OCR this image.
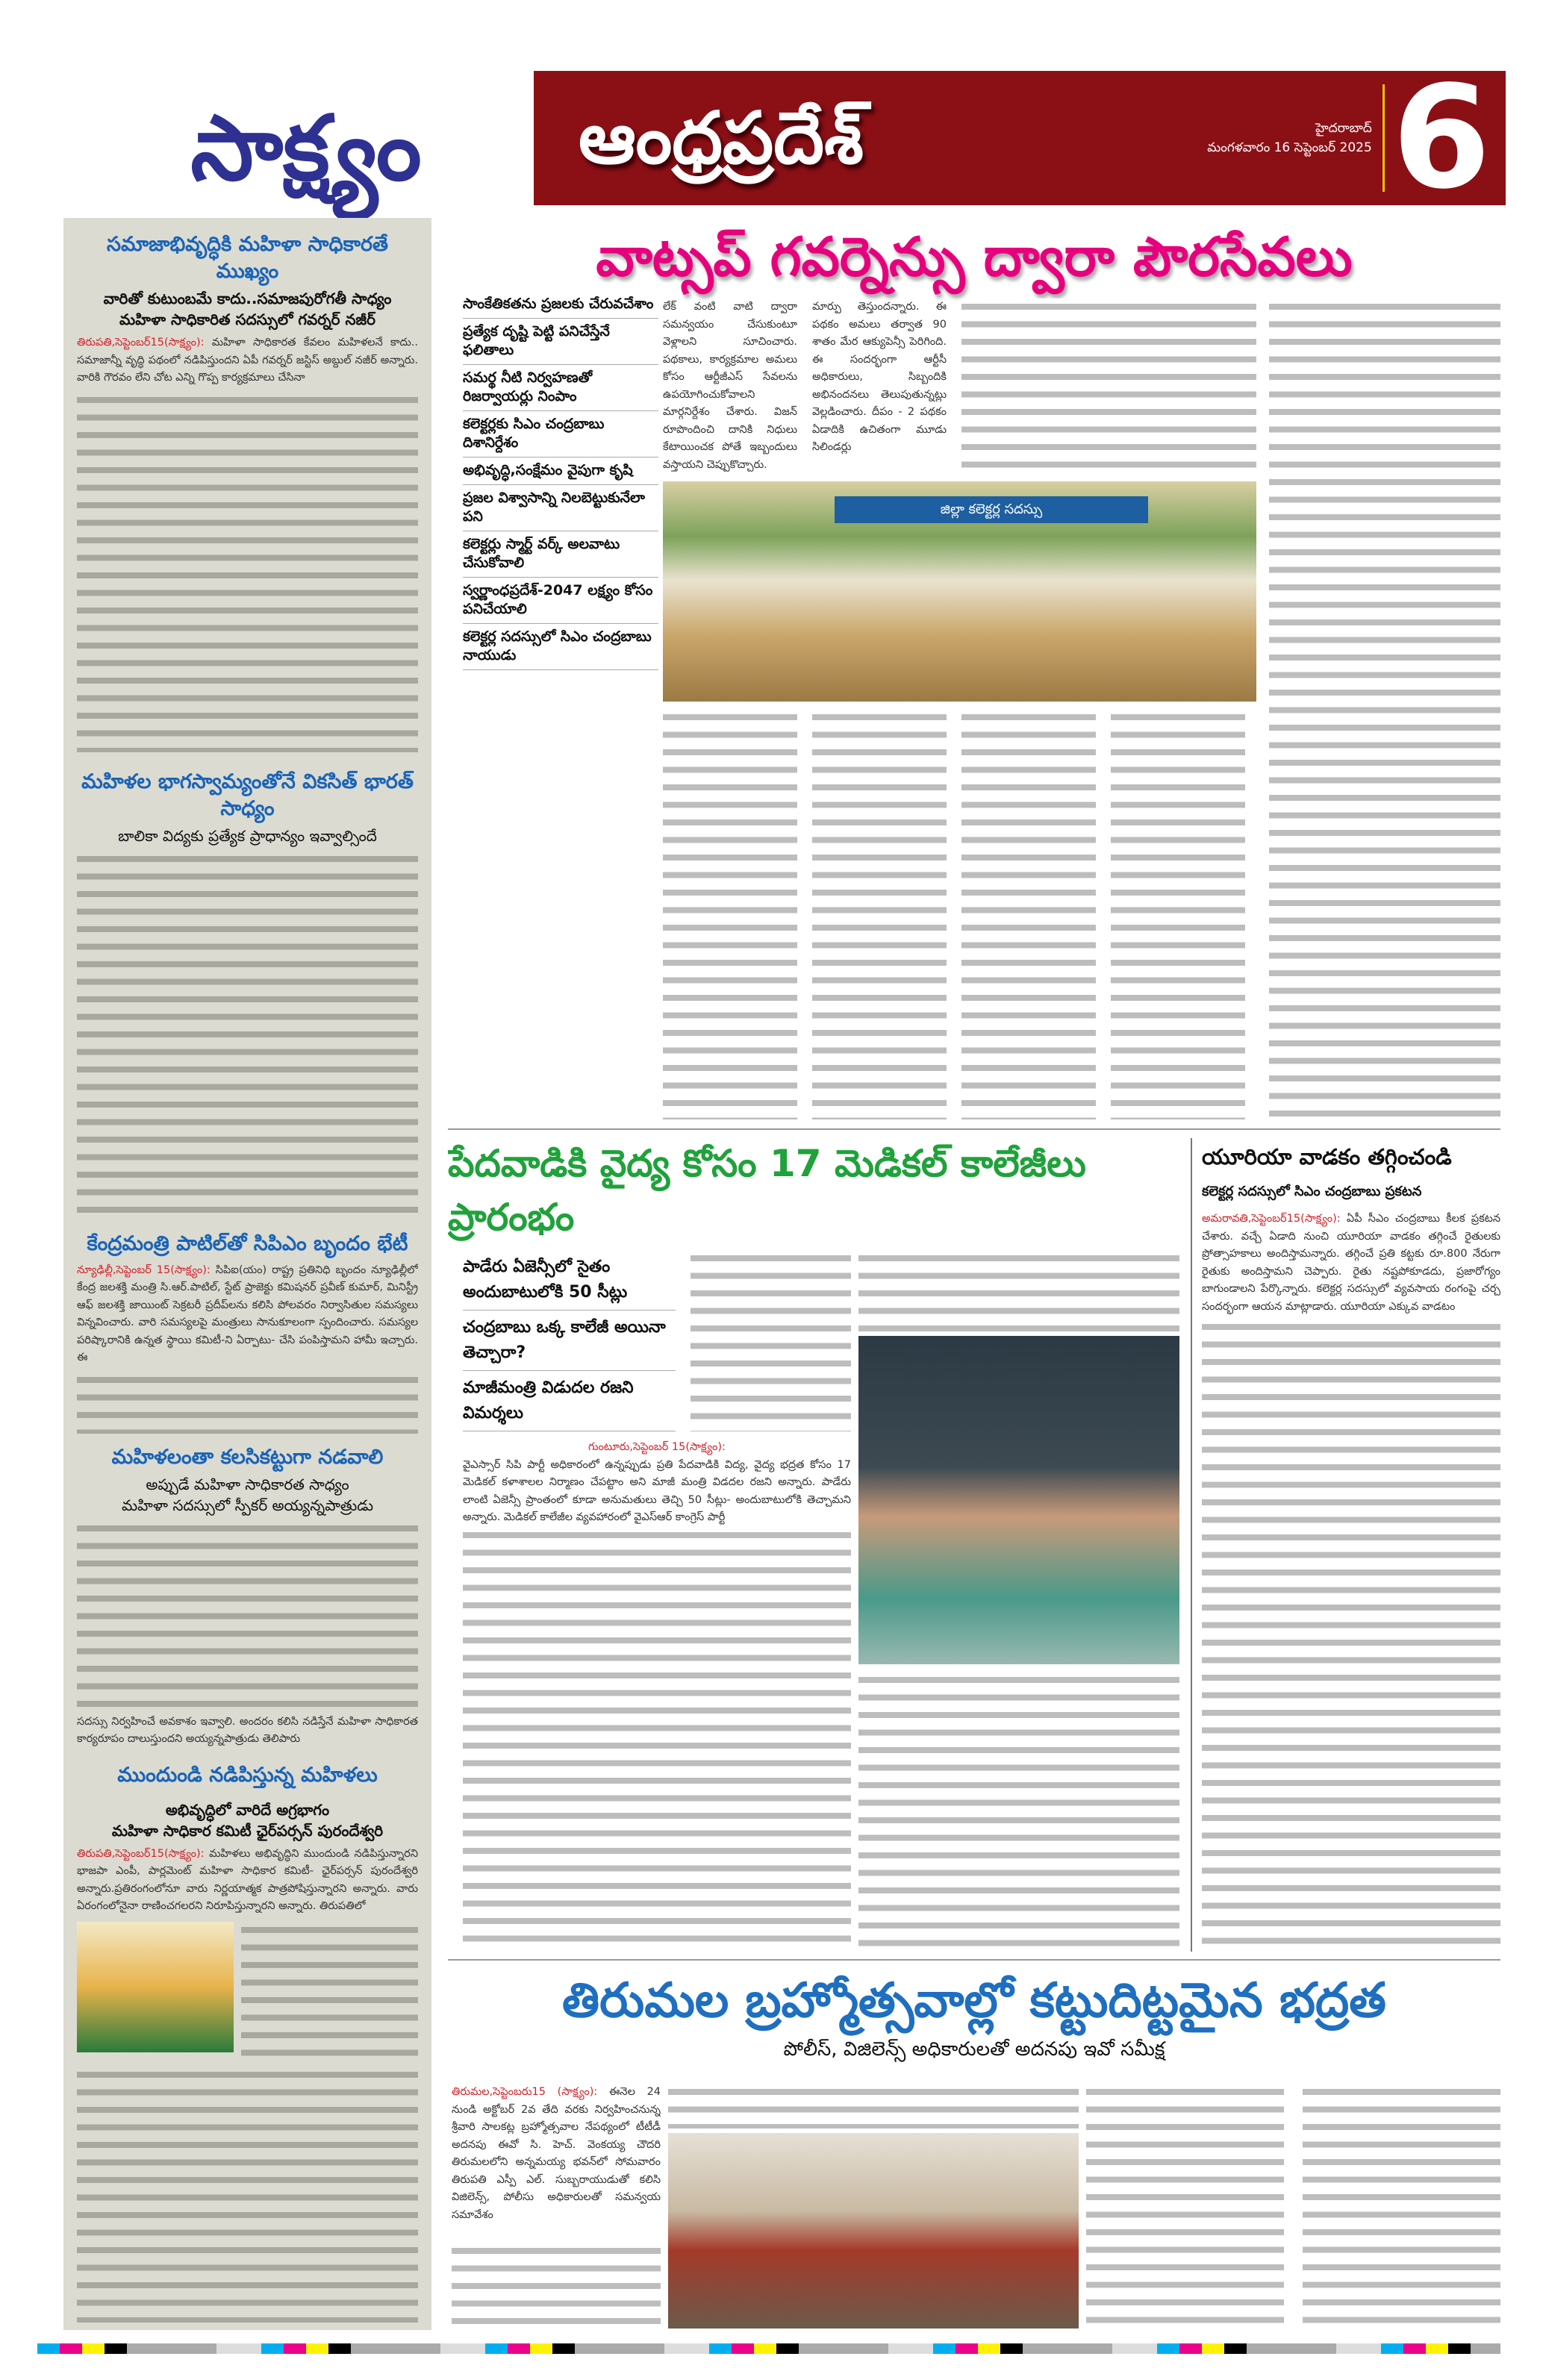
సాక్ష్యం	ఆంధ్రప్రదేశ్	హైదరాబాద్
మంగళవారం 16 సెప్టెంబర్ 2025 6
సమాజాభివృద్ధికి మహిళా సాధికారతే ముఖ్యం
వారితో కుటుంబమే కాదు..సమాజపురోగతీ సాధ్యం
మహిళా సాధికారిత సదస్సులో గవర్నర్ నజీర్
తిరుపతి,సెప్టెంబర్15(సాక్ష్యం): మహిళా సాధికారత కేవలం మహిళలనే కాదు.. సమాజాన్నీ వృద్ధి పథంలో నడిపిస్తుందని ఏపీ గవర్నర్ జస్టిస్ అబ్దుల్ నజీర్ అన్నారు. వారికి గౌరవం లేని చోట ఎన్ని గొప్ప కార్యక్రమాలు చేసినా
మహిళల భాగస్వామ్యంతోనే వికసిత్ భారత్ సాధ్యం
బాలికా విద్యకు ప్రత్యేక ప్రాధాన్యం ఇవ్వాల్సిందే
కేంద్రమంత్రి పాటిల్‌తో సిపిఎం బృందం భేటీ
న్యూఢిల్లీ,సెప్టెంబర్ 15(సాక్ష్యం): సిపిఐ(యం) రాష్ట్ర ప్రతినిధి బృందం న్యూఢిల్లీలో కేంద్ర జలశక్తి మంత్రి సి.ఆర్.పాటిల్, స్టేట్ ప్రాజెక్టు కమిషనర్ ప్రవీణ్ కుమార్, మినిస్ట్రీ ఆఫ్ జలశక్తి జాయింట్ సెక్రటరీ ప్రదీప్‌లను కలిసి పోలవరం నిర్వాసితుల సమస్యలు విన్నవించారు. వారి సమస్యలపై మంత్రులు సానుకూలంగా స్పందించారు. సమస్యల పరిష్కారానికి ఉన్నత స్థాయి కమిటీ-ని ఏర్పాటు- చేసి పంపిస్తామని హామీ ఇచ్చారు. ఈ
మహిళలంతా కలసికట్టుగా నడవాలి
అప్పుడే మహిళా సాధికారత సాధ్యం
మహిళా సదస్సులో స్పీకర్ అయ్యన్నపాత్రుడు
సదస్సు నిర్వహించే అవకాశం ఇవ్వాలి. అందరం కలిసి నడిస్తేనే మహిళా సాధికారత కార్యరూపం దాలుస్తుందని అయ్యన్నపాత్రుడు తెలిపారు
ముందుండి నడిపిస్తున్న మహిళలు
అభివృద్ధిలో వారిదే అగ్రభాగం
మహిళా సాధికార కమిటీ ఛైర్‌పర్సన్ పురందేశ్వరి
తిరుపతి,సెప్టెంబర్15(సాక్ష్యం): మహిళలు అభివృద్ధిని ముందుండి నడిపిస్తున్నారని భాజపా ఎంపీ, పార్లమెంట్ మహిళా సాధికార కమిటీ- ఛైర్‌పర్సన్ పురందేశ్వరి అన్నారు.ప్రతిరంగంలోనూ వారు నిర్ణయాత్మక పాత్రపోషిస్తున్నారని అన్నారు. వారు ఏరంగంలోనైనా రాణించగలరని నిరూపిస్తున్నారని అన్నారు. తిరుపతిలో
వాట్సప్ గవర్నెన్సు ద్వారా పౌరసేవలు
సాంకేతికతను ప్రజలకు చేరువచేశాం
ప్రత్యేక దృష్టి పెట్టి పనిచేస్తేనే ఫలితాలు
సమర్థ నీటి నిర్వహణతో రిజర్వాయర్లు నింపాం
కలెక్టర్లకు సిఎం చంద్రబాబు దిశానిర్దేశం
అభివృద్ధి,సంక్షేమం వైపుగా కృషి
ప్రజల విశ్వాసాన్ని నిలబెట్టుకునేలా పని
కలెక్టర్లు స్మార్ట్ వర్క్ అలవాటు చేసుకోవాలి
స్వర్ణాంధప్రదేశ్-2047 లక్ష్యం కోసం పనిచేయాలి
కలెక్టర్ల సదస్సులో సిఎం చంద్రబాబు నాయుడు
లేక్ వంటి వాటి ద్వారా సమన్వయం చేసుకుంటూ వెళ్లాలని సూచించారు. పథకాలు, కార్యక్రమాల అమలు కోసం ఆర్టీజీఎస్ సేవలను ఉపయోగించుకోవాలని మార్గనిర్దేశం చేశారు. విజన్ రూపొందించి దానికి నిధులు కేటాయించక పోతే ఇబ్బందులు వస్తాయని చెప్పుకొచ్చారు.
మార్పు తెస్తుందన్నారు. ఈ పథకం అమలు తర్వాత 90 శాతం మేర ఆక్యుపెన్సీ పెరిగింది. ఈ సందర్భంగా ఆర్టీసీ అధికారులు, సిబ్బందికి అభినందనలు తెలుపుతున్నట్లు వెల్లడించారు. దీపం - 2 పథకం ఏడాదికి ఉచితంగా మూడు సిలిండర్లు
జిల్లా కలెక్టర్ల సదస్సు
పేదవాడికి వైద్య కోసం 17 మెడికల్ కాలేజీలు ప్రారంభం
పాడేరు ఏజెన్సీలో సైతం అందుబాటులోకి 50 సీట్లు
చంద్రబాబు ఒక్క కాలేజీ అయినా తెచ్చారా?
మాజీమంత్రి విడుదల రజని విమర్శలు
గుంటూరు,సెప్టెంబర్ 15(సాక్ష్యం):
వైఎస్సార్ సిపి పార్టీ అధికారంలో ఉన్నప్పుడు ప్రతి పేదవాడికి విద్య, వైద్య భద్రత కోసం 17 మెడికల్ కళాశాలల నిర్మాణం చేపట్టాం అని మాజీ మంత్రి విడదల రజని అన్నారు. పాడేరు లాంటి ఏజెన్సీ ప్రాంతంలో కూడా అనుమతులు తెచ్చి 50 సీట్లు- అందుబాటులోకి తెచ్చామని అన్నారు. మెడికల్ కాలేజీల వ్యవహారంలో వైఎస్ఆర్ కాంగ్రెస్ పార్టీ
యూరియా వాడకం తగ్గించండి
కలెక్టర్ల సదస్సులో సిఎం చంద్రబాబు ప్రకటన
అమరావతి,సెప్టెంబర్15(సాక్ష్యం): ఏపీ సీఎం చంద్రబాబు కీలక ప్రకటన చేశారు. వచ్చే ఏడాది నుంచి యూరియా వాడకం తగ్గించే రైతులకు ప్రోత్సాహకాలు అందిస్తామన్నారు. తగ్గించే ప్రతి కట్టకు రూ.800 నేరుగా రైతుకు అందిస్తామని చెప్పారు. రైతు నష్టపోకూడదు, ప్రజారోగ్యం బాగుండాలని పేర్కొన్నారు. కలెక్టర్ల సదస్సులో వ్యవసాయ రంగంపై చర్చ సందర్భంగా ఆయన మాట్లాడారు. యూరియా ఎక్కువ వాడటం
తిరుమల బ్రహ్మోత్సవాల్లో కట్టుదిట్టమైన భద్రత
పోలీస్, విజిలెన్స్ అధికారులతో అదనపు ఇవో సమీక్ష
తిరుమల,సెప్టెంబరు15 (సాక్ష్యం): ఈనెల 24 నుండి అక్టోబర్ 2వ తేది వరకు నిర్వహించనున్న శ్రీవారి సాలకట్ల బ్రహ్మోత్సవాల నేపథ్యంలో టీటీడీ అదనపు ఈవో సి. హెచ్. వెంకయ్య చౌదరి తిరుమలలోని అన్నమయ్య భవన్‌లో సోమవారం తిరుపతి ఎస్పీ ఎల్. సుబ్బరాయుడుతో కలిసి విజిలెన్స్, పోలీసు అధికారులతో సమన్వయ సమావేశం
